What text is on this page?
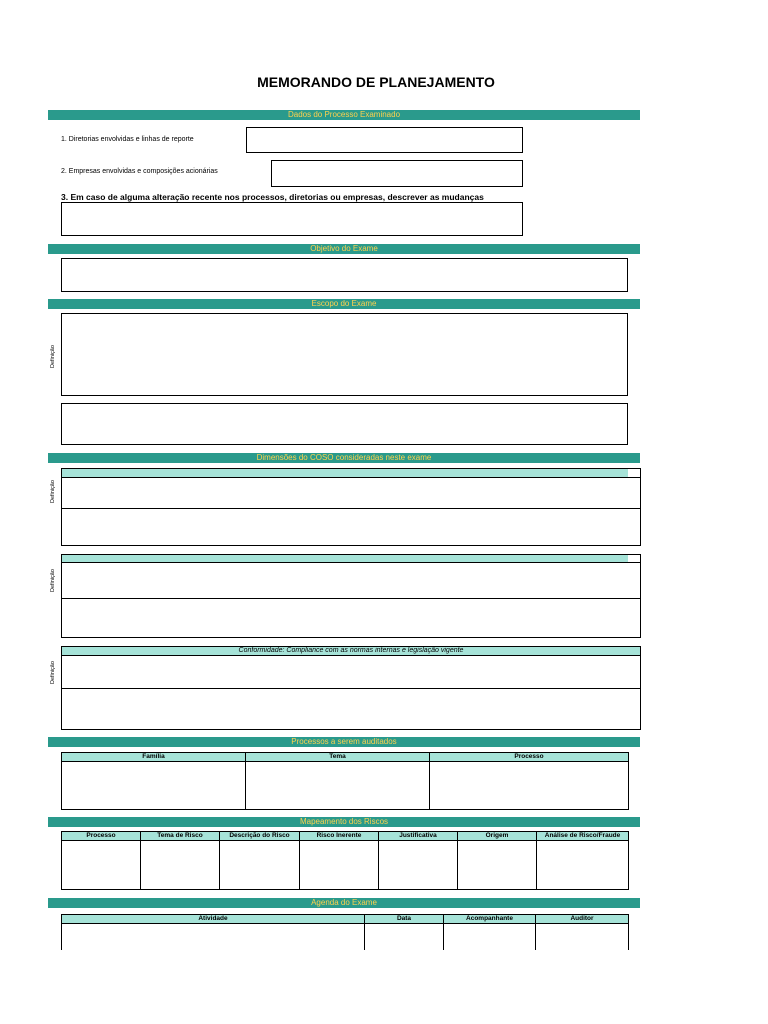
MEMORANDO DE PLANEJAMENTO
Dados do Processo Examinado
1. Diretorias envolvidas e linhas de reporte
2. Empresas envolvidas e composições acionárias
3. Em caso de alguma alteração recente nos processos, diretorias ou empresas, descrever as mudanças
Objetivo do Exame
Escopo do Exame
Definição
Dimensões do COSO consideradas neste exame
Definição
Definição
Conformidade: Compliance com as normas internas e legislação vigente
Definição
Processos a serem auditados
Família	Tema	Processo

Mapeamento dos Riscos
Processo	Tema de Risco	Descrição do Risco	Risco Inerente	Justificativa	Origem	Análise de Risco/Fraude

Agenda do Exame
Atividade	Data	Acompanhante	Auditor
